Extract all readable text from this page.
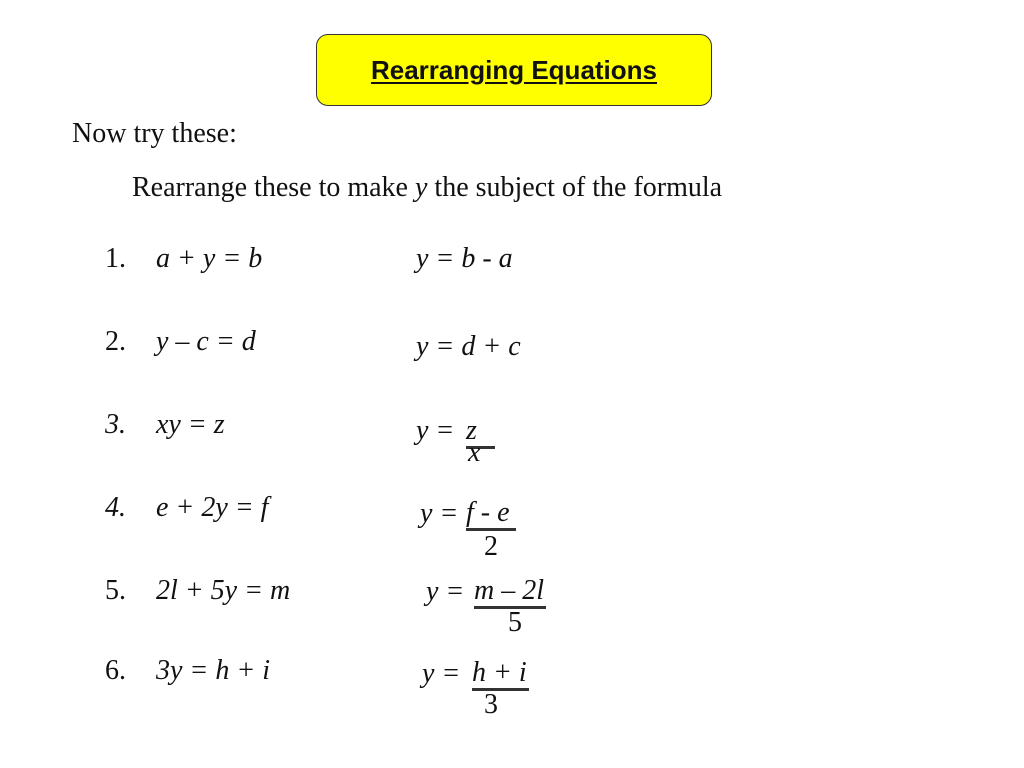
Rearranging Equations
Now try these:
Rearrange these to make y the subject of the formula
1. a + y = b
2. y – c = d
3. xy = z
4. e + 2y = f
5. 2l + 5y = m
6. 3y = h + i
y = b - a
y = d + c
y = z
x
y = f - e
2
y = m – 2l
5
y = h + i
3
